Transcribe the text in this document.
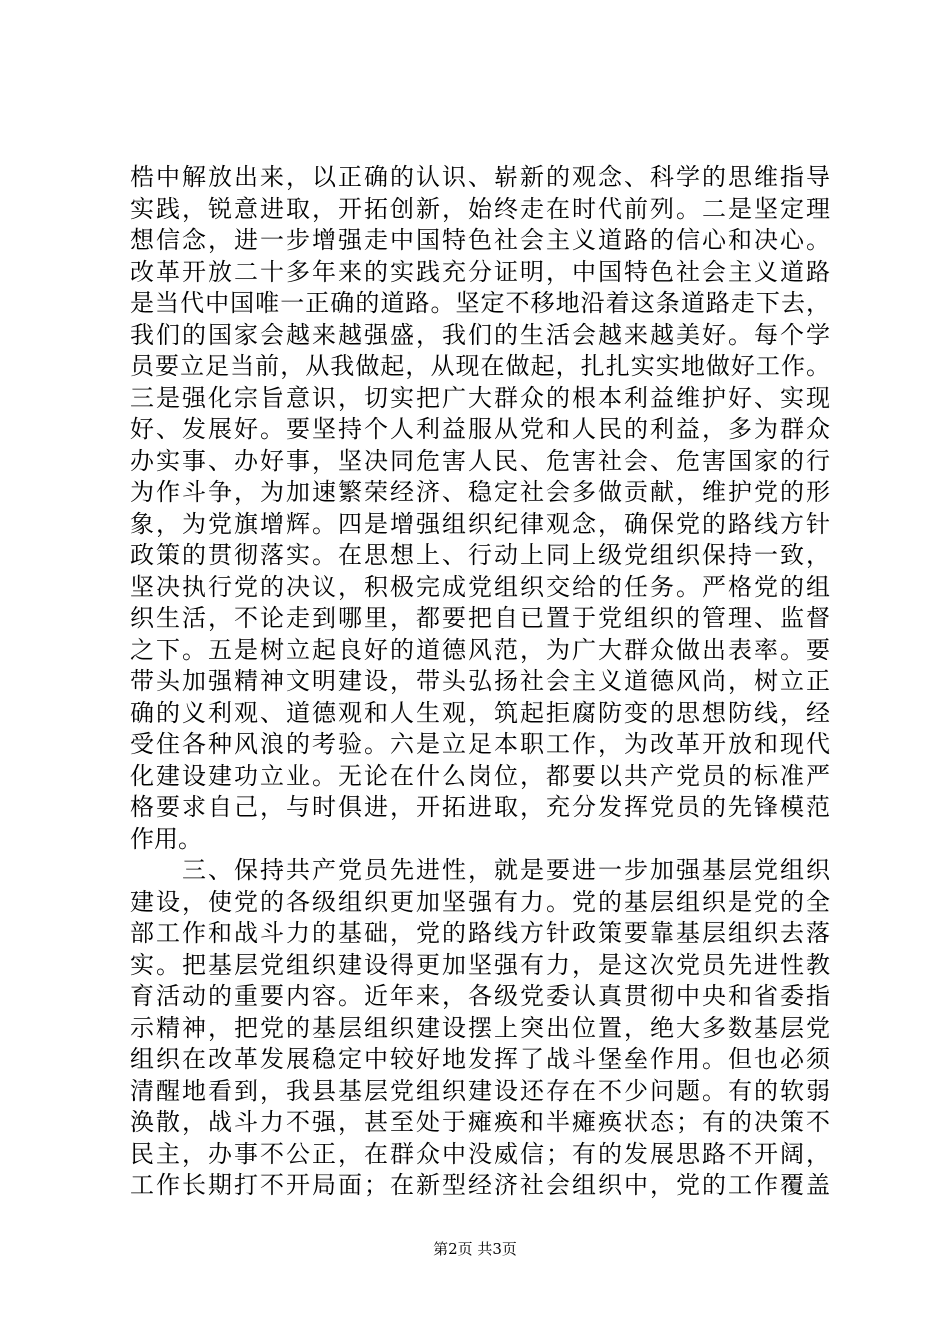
梏中解放出来，以正确的认识、崭新的观念、科学的思维指导
实践，锐意进取，开拓创新，始终走在时代前列。二是坚定理
想信念，进一步增强走中国特色社会主义道路的信心和决心。
改革开放二十多年来的实践充分证明，中国特色社会主义道路
是当代中国唯一正确的道路。坚定不移地沿着这条道路走下去，
我们的国家会越来越强盛，我们的生活会越来越美好。每个学
员要立足当前，从我做起，从现在做起，扎扎实实地做好工作。
三是强化宗旨意识，切实把广大群众的根本利益维护好、实现
好、发展好。要坚持个人利益服从党和人民的利益，多为群众
办实事、办好事，坚决同危害人民、危害社会、危害国家的行
为作斗争，为加速繁荣经济、稳定社会多做贡献，维护党的形
象，为党旗增辉。四是增强组织纪律观念，确保党的路线方针
政策的贯彻落实。在思想上、行动上同上级党组织保持一致，
坚决执行党的决议，积极完成党组织交给的任务。严格党的组
织生活，不论走到哪里，都要把自已置于党组织的管理、监督
之下。五是树立起良好的道德风范，为广大群众做出表率。要
带头加强精神文明建设，带头弘扬社会主义道德风尚，树立正
确的义利观、道德观和人生观，筑起拒腐防变的思想防线，经
受住各种风浪的考验。六是立足本职工作，为改革开放和现代
化建设建功立业。无论在什么岗位，都要以共产党员的标准严
格要求自己，与时俱进，开拓进取，充分发挥党员的先锋模范
作用。
　　三、保持共产党员先进性，就是要进一步加强基层党组织
建设，使党的各级组织更加坚强有力。党的基层组织是党的全
部工作和战斗力的基础，党的路线方针政策要靠基层组织去落
实。把基层党组织建设得更加坚强有力，是这次党员先进性教
育活动的重要内容。近年来，各级党委认真贯彻中央和省委指
示精神，把党的基层组织建设摆上突出位置，绝大多数基层党
组织在改革发展稳定中较好地发挥了战斗堡垒作用。但也必须
清醒地看到，我县基层党组织建设还存在不少问题。有的软弱
涣散，战斗力不强，甚至处于瘫痪和半瘫痪状态；有的决策不
民主，办事不公正，在群众中没威信；有的发展思路不开阔，
工作长期打不开局面；在新型经济社会组织中，党的工作覆盖
第2页 共3页
